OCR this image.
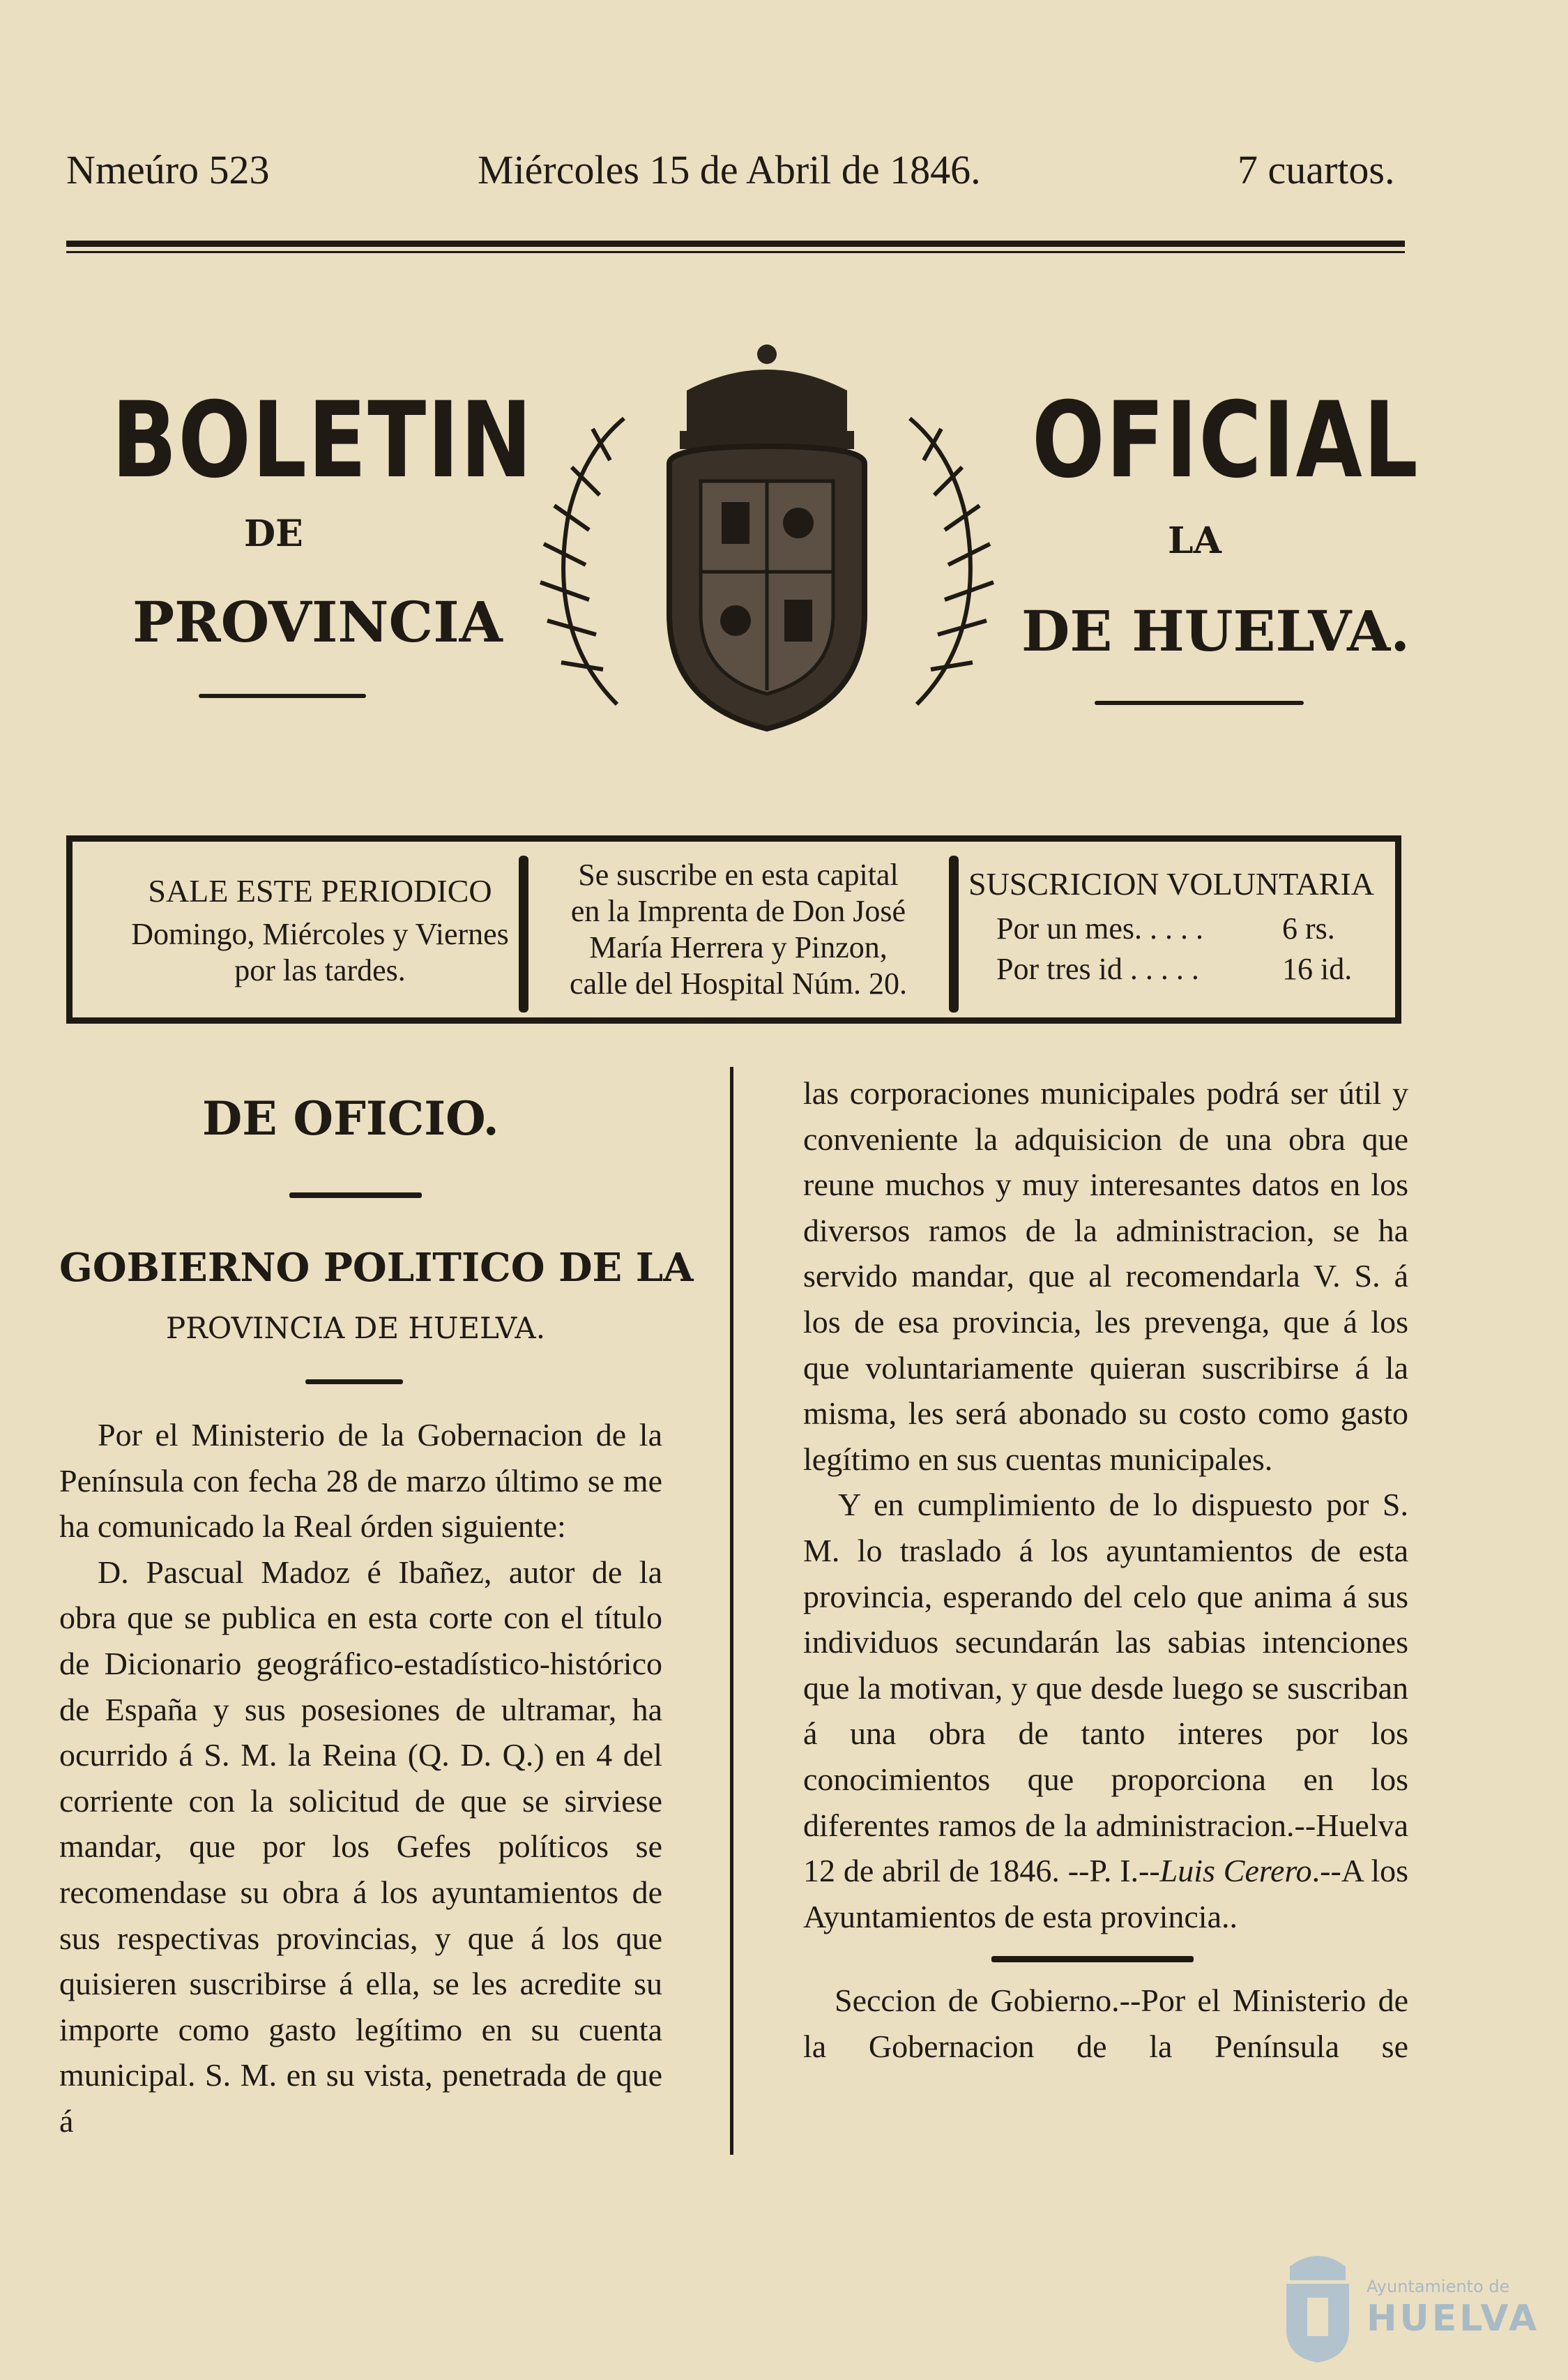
Nmeúro 523	Miércoles 15 de Abril de 1846.	7 cuartos.
BOLETIN	OFICIAL
DE	LA
PROVINCIA	DE HUELVA.
SALE ESTE PERIODICO
Domingo, Miércoles y Viernes
por las tardes.
Se suscribe en esta capital
en la Imprenta de Don José
María Herrera y Pinzon,
calle del Hospital Núm. 20.
SUSCRICION VOLUNTARIA
Por un mes. . . . .	6 rs.
Por tres id . . . . .	16 id.
DE OFICIO.
GOBIERNO POLITICO DE LA
PROVINCIA DE HUELVA.

Por el Ministerio de la Gobernacion de la Península con fecha 28 de marzo último se me ha comunicado la Real órden siguiente:

D. Pascual Madoz é Ibañez, autor de la obra que se publica en esta corte con el título de Dicionario geográfico-estadístico-histórico de España y sus posesiones de ultramar, ha ocurrido á S. M. la Reina (Q. D. Q.) en 4 del corriente con la solicitud de que se sirviese mandar, que por los Gefes políticos se recomendase su obra á los ayuntamientos de sus respectivas provincias, y que á los que quisieren suscribirse á ella, se les acredite su importe como gasto legítimo en su cuenta municipal. S. M. en su vista, penetrada de que á

las corporaciones municipales podrá ser útil y conveniente la adquisicion de una obra que reune muchos y muy interesantes datos en los diversos ramos de la administracion, se ha servido mandar, que al recomendarla V. S. á los de esa provincia, les prevenga, que á los que voluntariamente quieran suscribirse á la misma, les será abonado su costo como gasto legítimo en sus cuentas municipales.

Y en cumplimiento de lo dispuesto por S. M. lo traslado á los ayuntamientos de esta provincia, esperando del celo que anima á sus individuos secundarán las sabias intenciones que la motivan, y que desde luego se suscriban á una obra de tanto interes por los conocimientos que proporciona en los diferentes ramos de la administracion.--Huelva 12 de abril de 1846. --P. I.--Luis Cerero.--A los Ayuntamientos de esta provincia..

Seccion de Gobierno.--Por el Ministerio de la Gobernacion de la Península se

Ayuntamiento de
HUELVA
